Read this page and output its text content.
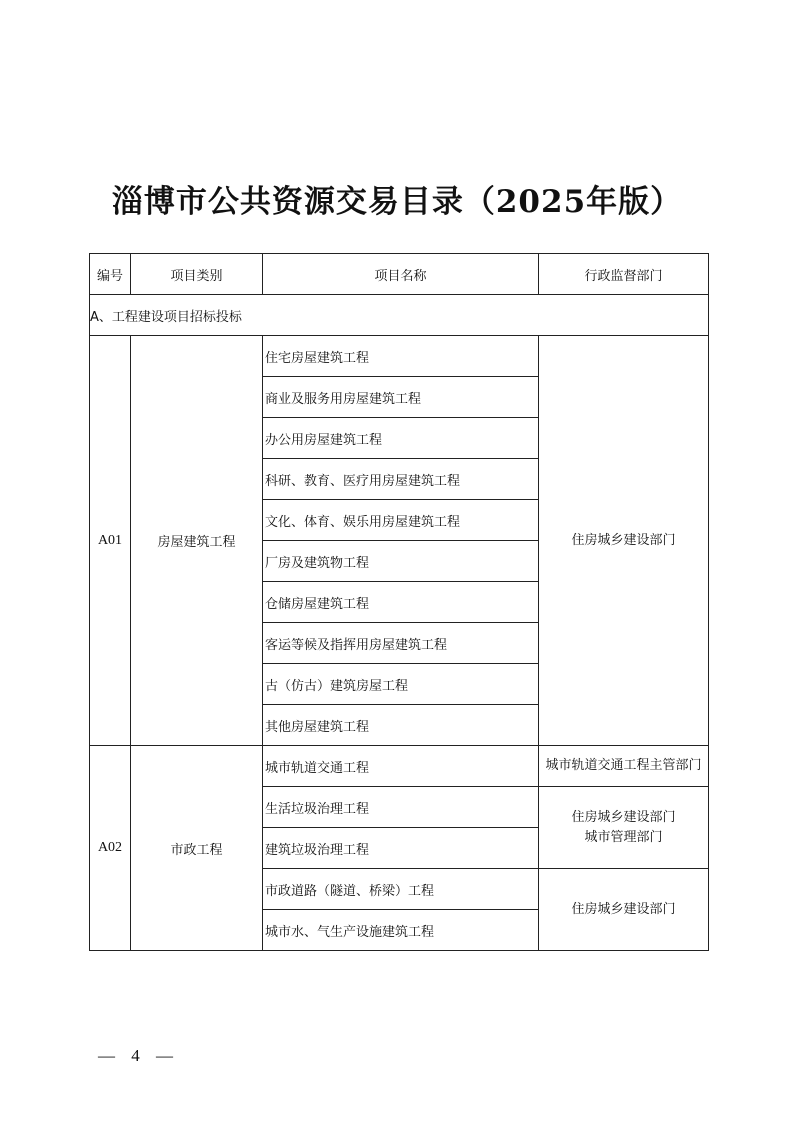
淄博市公共资源交易目录（2025年版）
编号	项目类别	项目名称	行政监督部门
A、工程建设项目招标投标			
A01	房屋建筑工程	住宅房屋建筑工程	住房城乡建设部门

		商业及服务用房屋建筑工程	
		办公用房屋建筑工程	
		科研、教育、医疗用房屋建筑工程	
		文化、体育、娱乐用房屋建筑工程	
		厂房及建筑物工程	
		仓储房屋建筑工程	
		客运等候及指挥用房屋建筑工程	
		古（仿古）建筑房屋工程	
		其他房屋建筑工程	
A02	市政工程	城市轨道交通工程	城市轨道交通工程主管部门

		生活垃圾治理工程	住房城乡建设部门
城市管理部门

		建筑垃圾治理工程	
		市政道路（隧道、桥梁）工程	住房城乡建设部门

		城市水、气生产设施建筑工程	
— 4 —
